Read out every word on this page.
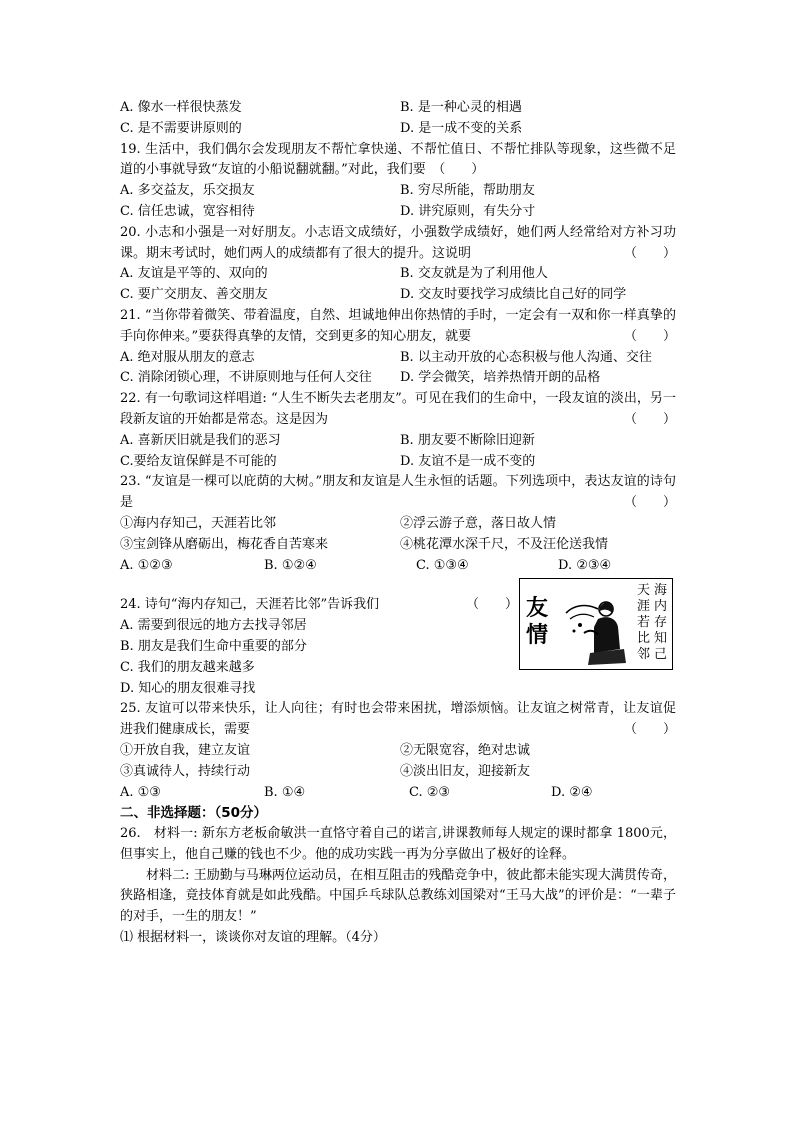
A. 像水一样很快蒸发	B. 是一种心灵的相遇
C. 是不需要讲原则的	D. 是一成不变的关系
19. 生活中，我们偶尔会发现朋友不帮忙拿快递、不帮忙值日、不帮忙排队等现象，这些微不足道的小事就导致“友谊的小船说翻就翻。”对此，我们要　（　　）
A. 多交益友，乐交损友	B. 穷尽所能，帮助朋友
C. 信任忠诚，宽容相待	D. 讲究原则，有失分寸
20. 小志和小强是一对好朋友。小志语文成绩好，小强数学成绩好，她们两人经常给对方补习功课。期末考试时，她们两人的成绩都有了很大的提升。这说明	（　　）
A. 友谊是平等的、双向的	B. 交友就是为了利用他人
C. 要广交朋友、善交朋友	D. 交友时要找学习成绩比自己好的同学
21. “当你带着微笑、带着温度，自然、坦诚地伸出你热情的手时，一定会有一双和你一样真挚的手向你伸来。”要获得真挚的友情，交到更多的知心朋友，就要	（　　）
A. 绝对服从朋友的意志	B. 以主动开放的心态积极与他人沟通、交往
C. 消除闭锁心理，不讲原则地与任何人交往	D. 学会微笑，培养热情开朗的品格
22. 有一句歌词这样唱道: “人生不断失去老朋友”。可见在我们的生命中，一段友谊的淡出，另一段新友谊的开始都是常态。这是因为	（　　）
A. 喜新厌旧就是我们的恶习	B. 朋友要不断除旧迎新
C.要给友谊保鲜是不可能的	D. 友谊不是一成不变的
23. “友谊是一棵可以庇荫的大树。”朋友和友谊是人生永恒的话题。下列选项中，表达友谊的诗句是	（　　）
①海内存知己，天涯若比邻	②浮云游子意，落日故人情
③宝剑锋从磨砺出，梅花香自苦寒来	④桃花潭水深千尺，不及汪伦送我情
A. ①②③	B. ①②④	C. ①③④	D. ②③④
24. 诗句“海内存知己，天涯若比邻”告诉我们	（　　）
A. 需要到很远的地方去找寻邻居
B. 朋友是我们生命中重要的部分
C. 我们的朋友越来越多
D. 知心的朋友很难寻找
25. 友谊可以带来快乐，让人向往；有时也会带来困扰，增添烦恼。让友谊之树常青，让友谊促进我们健康成长，需要	（　　）
①开放自我，建立友谊	②无限宽容，绝对忠诚
③真诚待人，持续行动	④淡出旧友，迎接新友
A. ①③	B. ①④	C. ②③	D. ②④
二、非选择题：（50分）
26.　材料一: 新东方老板俞敏洪一直恪守着自己的诺言,讲课教师每人规定的课时都拿 1800元，但事实上，他自己赚的钱也不少。他的成功实践一再为分享做出了极好的诠释。
材料二: 王励勤与马琳两位运动员，在相互阻击的残酷竞争中，彼此都未能实现大满贯传奇，狭路相逢，竟技体育就是如此残酷。中国乒乓球队总教练刘国梁对“王马大战”的评价是：“一辈子的对手，一生的朋友！”
⑴ 根据材料一，谈谈你对友谊的理解。（4分）
友情
海内存知己
天涯若比邻
